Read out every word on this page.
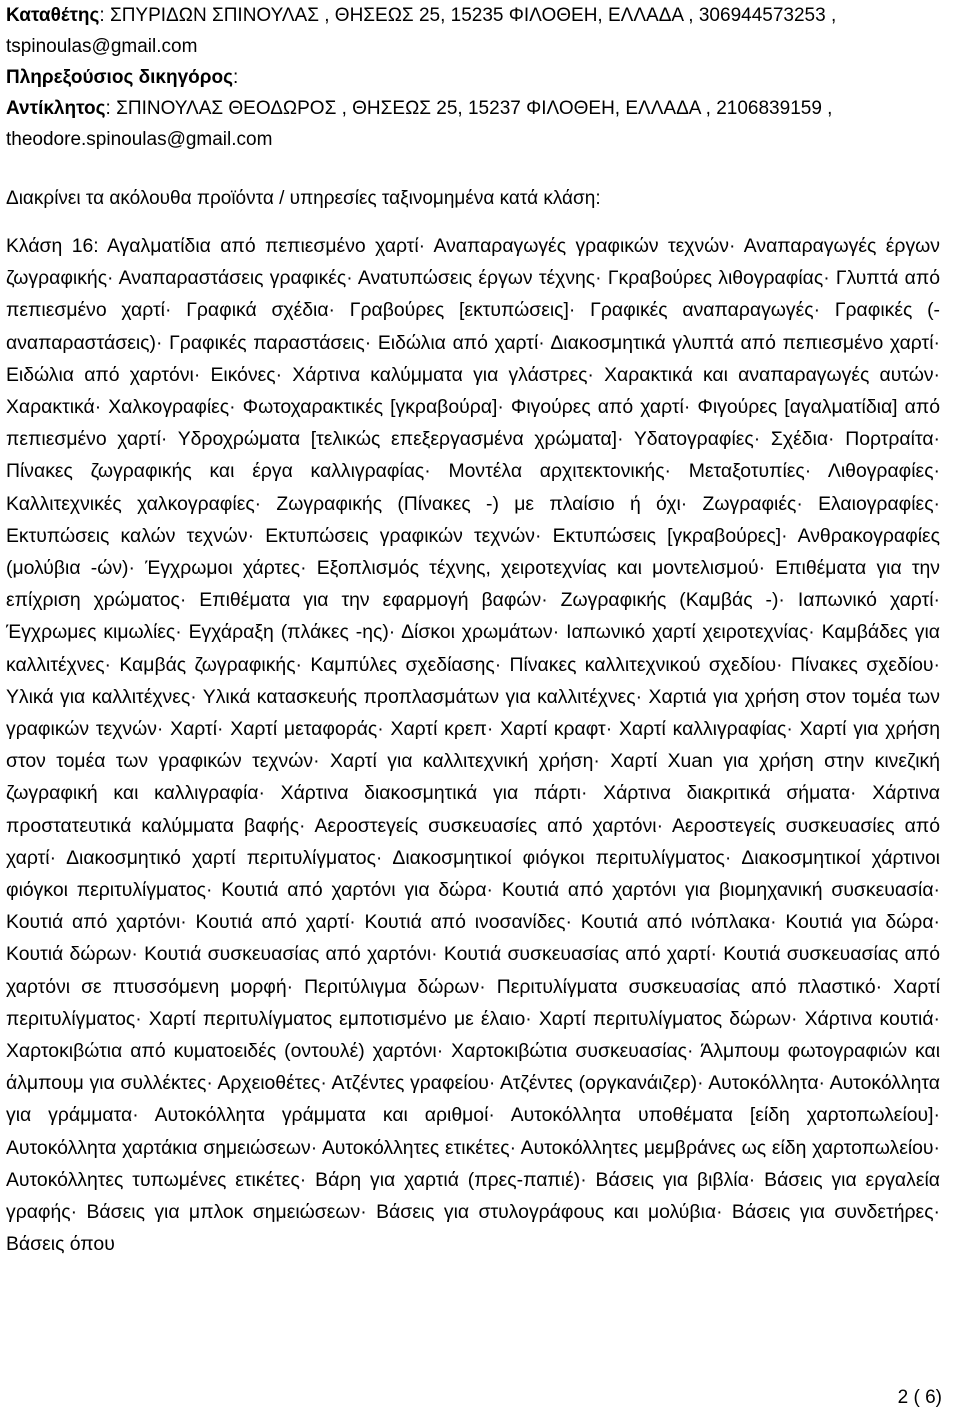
Καταθέτης: ΣΠΥΡΙΔΩΝ ΣΠΙΝΟΥΛΑΣ , ΘΗΣΕΩΣ 25, 15235 ΦΙΛΟΘΕΗ, ΕΛΛΑΔΑ , 306944573253 , tspinoulas@gmail.com

Πληρεξούσιος δικηγόρος:

Αντίκλητος: ΣΠΙΝΟΥΛΑΣ ΘΕΟΔΩΡΟΣ , ΘΗΣΕΩΣ 25, 15237 ΦΙΛΟΘΕΗ, ΕΛΛΑΔΑ , 2106839159 , theodore.spinoulas@gmail.com

Διακρίνει τα ακόλουθα προϊόντα / υπηρεσίες ταξινομημένα κατά κλάση:

Κλάση 16: Αγαλματίδια από πεπιεσμένο χαρτί· Αναπαραγωγές γραφικών τεχνών· Αναπαραγωγές έργων ζωγραφικής· Αναπαραστάσεις γραφικές· Ανατυπώσεις έργων τέχνης· Γκραβούρες λιθογραφίας· Γλυπτά από πεπιεσμένο χαρτί· Γραφικά σχέδια· Γραβούρες [εκτυπώσεις]· Γραφικές αναπαραγωγές· Γραφικές (- αναπαραστάσεις)· Γραφικές παραστάσεις· Ειδώλια από χαρτί· Διακοσμητικά γλυπτά από πεπιεσμένο χαρτί· Ειδώλια από χαρτόνι· Εικόνες· Χάρτινα καλύμματα για γλάστρες· Χαρακτικά και αναπαραγωγές αυτών· Χαρακτικά· Χαλκογραφίες· Φωτοχαρακτικές [γκραβούρα]· Φιγούρες από χαρτί· Φιγούρες [αγαλματίδια] από πεπιεσμένο χαρτί· Υδροχρώματα [τελικώς επεξεργασμένα χρώματα]· Υδατογραφίες· Σχέδια· Πορτραίτα· Πίνακες ζωγραφικής και έργα καλλιγραφίας· Μοντέλα αρχιτεκτονικής· Μεταξοτυπίες· Λιθογραφίες· Καλλιτεχνικές χαλκογραφίες· Ζωγραφικής (Πίνακες -) με πλαίσιο ή όχι· Ζωγραφιές· Ελαιογραφίες· Εκτυπώσεις καλών τεχνών· Εκτυπώσεις γραφικών τεχνών· Εκτυπώσεις [γκραβούρες]· Ανθρακογραφίες (μολύβια -ών)· Έγχρωμοι χάρτες· Εξοπλισμός τέχνης, χειροτεχνίας και μοντελισμού· Επιθέματα για την επίχριση χρώματος· Επιθέματα για την εφαρμογή βαφών· Ζωγραφικής (Καμβάς -)· Ιαπωνικό χαρτί· Έγχρωμες κιμωλίες· Εγχάραξη (πλάκες -ης)· Δίσκοι χρωμάτων· Ιαπωνικό χαρτί χειροτεχνίας· Καμβάδες για καλλιτέχνες· Καμβάς ζωγραφικής· Καμπύλες σχεδίασης· Πίνακες καλλιτεχνικού σχεδίου· Πίνακες σχεδίου· Υλικά για καλλιτέχνες· Υλικά κατασκευής προπλασμάτων για καλλιτέχνες· Χαρτιά για χρήση στον τομέα των γραφικών τεχνών· Χαρτί· Χαρτί μεταφοράς· Χαρτί κρεπ· Χαρτί κραφτ· Χαρτί καλλιγραφίας· Χαρτί για χρήση στον τομέα των γραφικών τεχνών· Χαρτί για καλλιτεχνική χρήση· Χαρτί Xuan για χρήση στην κινεζική ζωγραφική και καλλιγραφία· Χάρτινα διακοσμητικά για πάρτι· Χάρτινα διακριτικά σήματα· Χάρτινα προστατευτικά καλύμματα βαφής· Αεροστεγείς συσκευασίες από χαρτόνι· Αεροστεγείς συσκευασίες από χαρτί· Διακοσμητικό χαρτί περιτυλίγματος· Διακοσμητικοί φιόγκοι περιτυλίγματος· Διακοσμητικοί χάρτινοι φιόγκοι περιτυλίγματος· Κουτιά από χαρτόνι για δώρα· Κουτιά από χαρτόνι για βιομηχανική συσκευασία· Κουτιά από χαρτόνι· Κουτιά από χαρτί· Κουτιά από ινοσανίδες· Κουτιά από ινόπλακα· Κουτιά για δώρα· Κουτιά δώρων· Κουτιά συσκευασίας από χαρτόνι· Κουτιά συσκευασίας από χαρτί· Κουτιά συσκευασίας από χαρτόνι σε πτυσσόμενη μορφή· Περιτύλιγμα δώρων· Περιτυλίγματα συσκευασίας από πλαστικό· Χαρτί περιτυλίγματος· Χαρτί περιτυλίγματος εμποτισμένο με έλαιο· Χαρτί περιτυλίγματος δώρων· Χάρτινα κουτιά· Χαρτοκιβώτια από κυματοειδές (οντουλέ) χαρτόνι· Χαρτοκιβώτια συσκευασίας· Άλμπουμ φωτογραφιών και άλμπουμ για συλλέκτες· Αρχειοθέτες· Ατζέντες γραφείου· Ατζέντες (οργκανάιζερ)· Αυτοκόλλητα· Αυτοκόλλητα για γράμματα· Αυτοκόλλητα γράμματα και αριθμοί· Αυτοκόλλητα υποθέματα [είδη χαρτοπωλείου]· Αυτοκόλλητα χαρτάκια σημειώσεων· Αυτοκόλλητες ετικέτες· Αυτοκόλλητες μεμβράνες ως είδη χαρτοπωλείου· Αυτοκόλλητες τυπωμένες ετικέτες· Βάρη για χαρτιά (πρες-παπιέ)· Βάσεις για βιβλία· Βάσεις για εργαλεία γραφής· Βάσεις για μπλοκ σημειώσεων· Βάσεις για στυλογράφους και μολύβια· Βάσεις για συνδετήρες· Βάσεις όπου

2 ( 6)
